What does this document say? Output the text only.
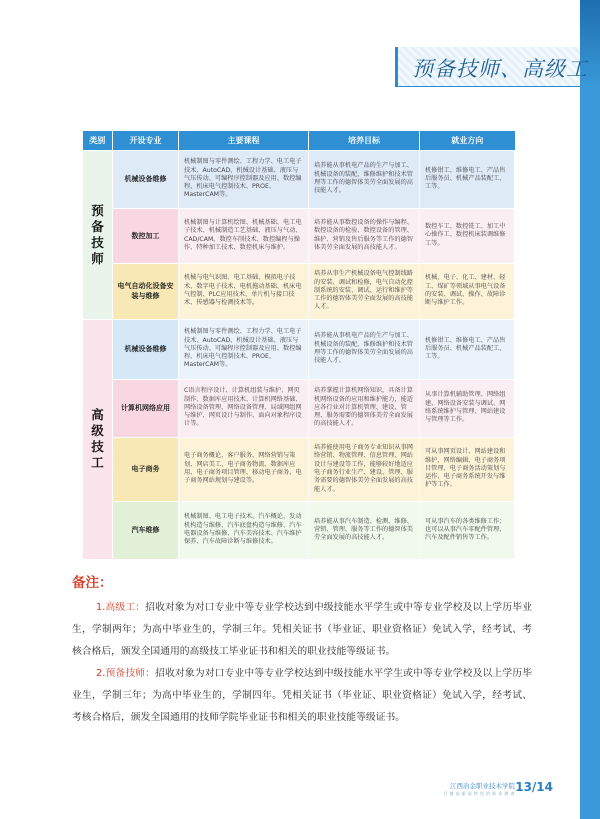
预备技师、高级工
类别	开设专业	主要课程	培养目标	就业方向
预备技师	机械设备维修	机械制图与零件测绘、工程力学、电工电子技术、AutoCAD、机械设计基础、液压与气压传动、可编程序控制器及应用、数控编程、机床电气控制技术、PROE、MasterCAM等。	培养能从事机电产品的生产与加工、机械设备的装配、维修维护和技术管理等工作的德智体美劳全面发展的高技能人才。	机修钳工、维修电工、产品售后服务员、机械产品装配工、工等。
	数控加工	机械制图与计算机绘图、机械基础、电工电子技术、机械制造工艺基础、液压与气动、CAD/CAM、数控车削技术、数控编程与操作、特种加工技术、数控机床与维护。	培养能从事数控设备的操作与编程、数控设备的检验、数控设备的管理、维护、营销及售后服务等工作的德智体美劳全面发展的高技能人才。	数控车工、数控铣工、加工中心操作工、数控机床装调维修工等。
	电气自动化设备安装与维修	机械与电气识图、电工基础、模拟电子技术、数字电子技术、电机拖动基础、机床电气控制、PLC应用技术、单片机与接口技术、传感器与检测技术等。	培养从事生产机械设备电气控制线路的安装、调试和检修，电气自动化控制系统的安装、调试、运行和维护等工作的德智体美劳全面发展的高技能人才。	机械、电子、化工、建材、轻工、煤矿等领域从事电气设备的安装、调试、操作、故障诊断与维护工作。
高级技工	机械设备维修	机械制图与零件测绘、工程力学、电工电子技术、AutoCAD、机械设计基础、液压与气压传动、可编程序控制器及应用、数控编程、机床电气控制技术、PROE、MasterCAM等。	培养能从事机电产品的生产与加工、机械设备的装配、维修维护和技术管理等工作的德智体美劳全面发展的高技能人才。	机修钳工、维修电工、产品售后服务员、机械产品装配工、工等。
	计算机网络应用	C语言程序设计、计算机组装与维护、网页制作、数据库应用技术、计算机网络基础、网络设备管理、网络设备管理、局域网组网与维护、网页设计与制作、面向对象程序设计等。	培养掌握计算机网络知识，具备计算机网络设备的应用和维护能力，能适应各行业对计算机管理、建设、管理、服务需要的德智体美劳全面发展的高技能人才。	从事计算机辅助管理、网络组建、网络设备安装与调试、网络系统维护与管理、网站建设与管理等工作。
	电子商务	电子商务概论、客户服务、网络营销与策划、网店美工、电子商务物流、数据库应用、电子商务项目管理、移动电子商务、电子商务网站规划与建设等。	培养能使用电子商务专业知识从事网络营销、物流管理、信息管理、网站设计与建设等工作，能够较好地适应电子商务行业生产、建设、管理、服务需要的德智体美劳全面发展的高技能人才。	可从事网页设计、网站建设和维护、网络编辑、电子商务项目管理、电子商务活动策划与运作、电子商务系统开发与维护等工作。
	汽车维修	机械制图、电工电子技术、汽车概论、发动机构造与维修、汽车底盘构造与维修、汽车电器设备与维修、汽车美容技术、汽车维护保养、汽车故障诊断与维修技术。	培养能从事汽车制造、检测、维修、营销、管理、服务等工作的德智体美劳全面发展的高技能人才。	可从事汽车的各类维修工作；也可以从事汽车零配件管理、汽车及配件销售等工作。
备注：

1.高级工：招收对象为对口专业中等专业学校达到中级技能水平学生或中等专业学校及以上学历毕业生，学制两年；为高中毕业生的，学制三年。凭相关证书（毕业证、职业资格证）免试入学，经考试、考核合格后，颁发全国通用的高级技工毕业证书和相关的职业技能等级证书。

2.预备技师：招收对象为对口专业中等专业学校达到中级技能水平学生或中等专业学校及以上学历毕业生，学制三年；为高中毕业生的，学制四年。凭相关证书（毕业证、职业资格证）免试入学，经考试、考核合格后，颁发全国通用的技师学院毕业证书和相关的职业技能等级证书。

江西冶金职业技术学院
行 德 高 素 质 特 色 的 职 业 教 育 13/14
